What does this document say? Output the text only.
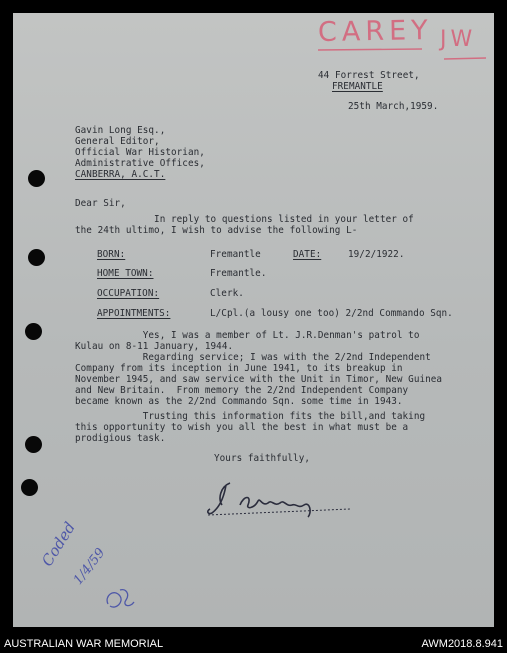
CAREY JW
44 Forrest Street,
FREMANTLE
25th March,1959.
Gavin Long Esq.,
General Editor,
Official War Historian,
Administrative Offices,
CANBERRA, A.C.T.
Dear Sir,
In reply to questions listed in your letter of
the 24th ultimo, I wish to advise the following L-
BORN:	Fremantle	DATE:	19/2/1922.
HOME TOWN:	Fremantle.
OCCUPATION:	Clerk.
APPOINTMENTS:	L/Cpl.(a lousy one too) 2/2nd Commando Sqn.
Yes, I was a member of Lt. J.R.Denman's patrol to
Kulau on 8-11 January, 1944.
Regarding service; I was with the 2/2nd Independent
Company from its inception in June 1941, to its breakup in
November 1945, and saw service with the Unit in Timor, New Guinea
and New Britain.  From memory the 2/2nd Independent Company
became known as the 2/2nd Commando Sqn. some time in 1943.
Trusting this information fits the bill,and taking
this opportunity to wish you all the best in what must be a
prodigious task.
Yours faithfully,
Coded
1/4/59
AUSTRALIAN WAR MEMORIAL	AWM2018.8.941
